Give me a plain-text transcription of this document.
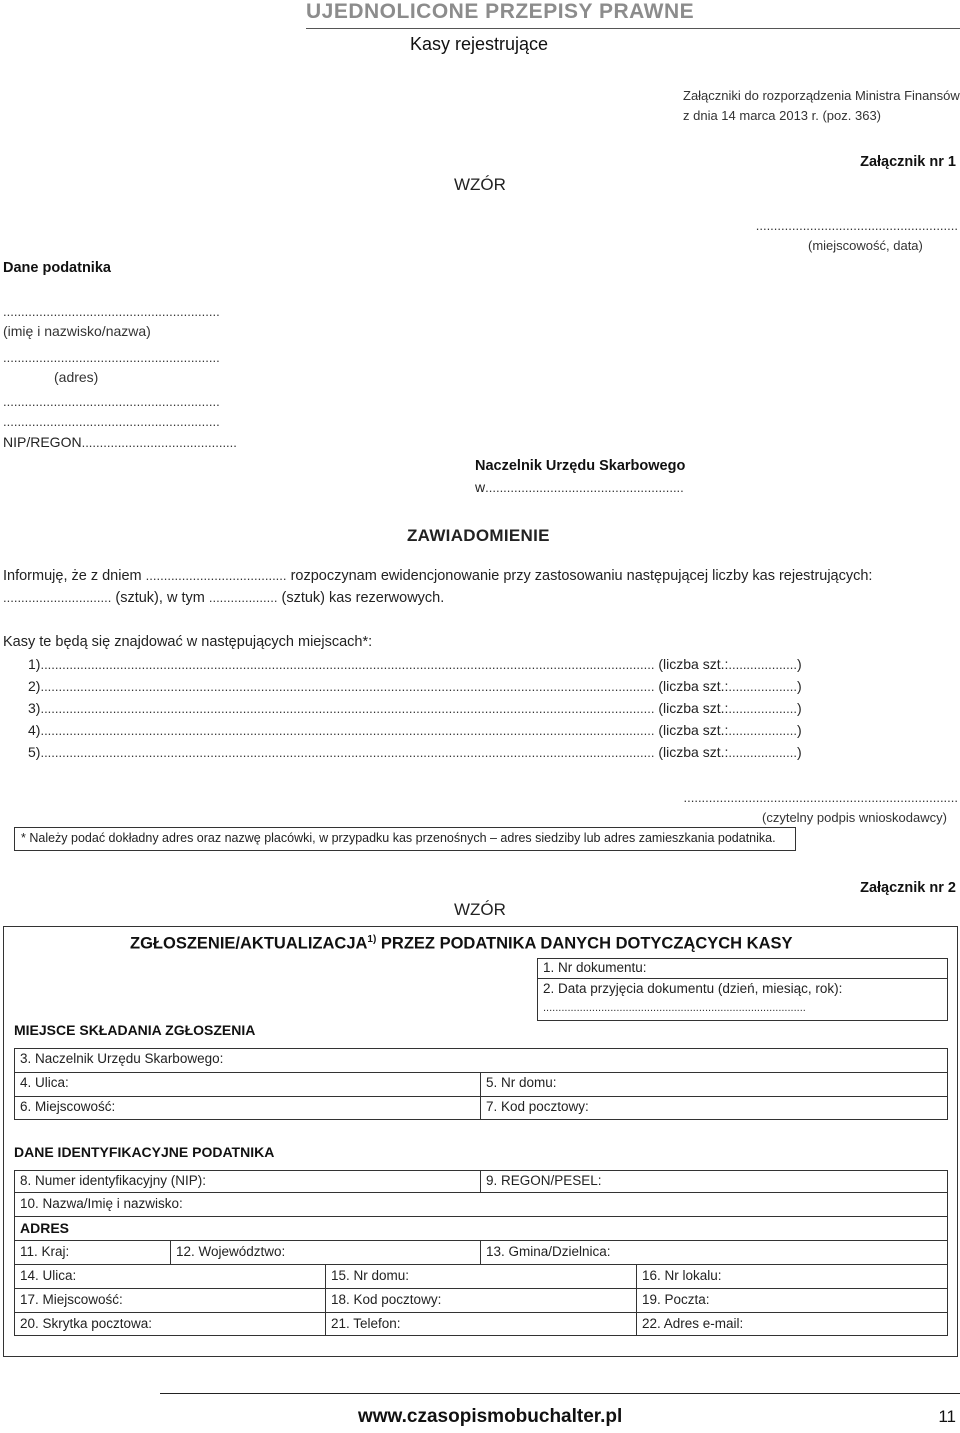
UJEDNOLICONE PRZEPISY PRAWNE
Kasy rejestrujące
Załączniki do rozporządzenia Ministra Finansów
z dnia 14 marca 2013 r. (poz. 363)
WZÓR
Załącznik nr 1
........................................................
(miejscowość, data)
Dane podatnika
............................................................
(imię i nazwisko/nazwa)
............................................................
(adres)
............................................................
............................................................
NIP/REGON...........................................
Naczelnik Urzędu Skarbowego
w.......................................................
ZAWIADOMIENIE
Informuję, że z dniem ....................................... rozpoczynam ewidencjonowanie przy zastosowaniu następującej liczby kas rejestrujących:
.............................. (sztuk), w tym ................... (sztuk) kas rezerwowych.
Kasy te będą się znajdować w następujących miejscach*:
1).......................................................................................................................................................................... (liczba szt.:...................)
2).......................................................................................................................................................................... (liczba szt.:...................)
3).......................................................................................................................................................................... (liczba szt.:...................)
4).......................................................................................................................................................................... (liczba szt.:...................)
5).......................................................................................................................................................................... (liczba szt.:...................)
............................................................................
(czytelny podpis wnioskodawcy)
* Należy podać dokładny adres oraz nazwę placówki, w przypadku kas przenośnych – adres siedziby lub adres zamieszkania podatnika.
Załącznik nr 2
WZÓR
ZGŁOSZENIE/AKTUALIZACJA$^{1)}$ PRZEZ PODATNIKA DANYCH DOTYCZĄCYCH KASY
1. Nr dokumentu:
2. Data przyjęcia dokumentu (dzień, miesiąc, rok):
......................................................................................
MIEJSCE SKŁADANIA ZGŁOSZENIA
3. Naczelnik Urzędu Skarbowego:
4. Ulica:	5. Nr domu:
6. Miejscowość:	7. Kod pocztowy:
DANE IDENTYFIKACYJNE PODATNIKA
8. Numer identyfikacyjny (NIP):	9. REGON/PESEL:
10. Nazwa/Imię i nazwisko:
ADRES
11. Kraj:	12. Województwo:	13. Gmina/Dzielnica:
14. Ulica:	15. Nr domu:	16. Nr lokalu:
17. Miejscowość:	18. Kod pocztowy:	19. Poczta:
20. Skrytka pocztowa:	21. Telefon:	22. Adres e-mail:
www.czasopismobuchalter.pl	11
